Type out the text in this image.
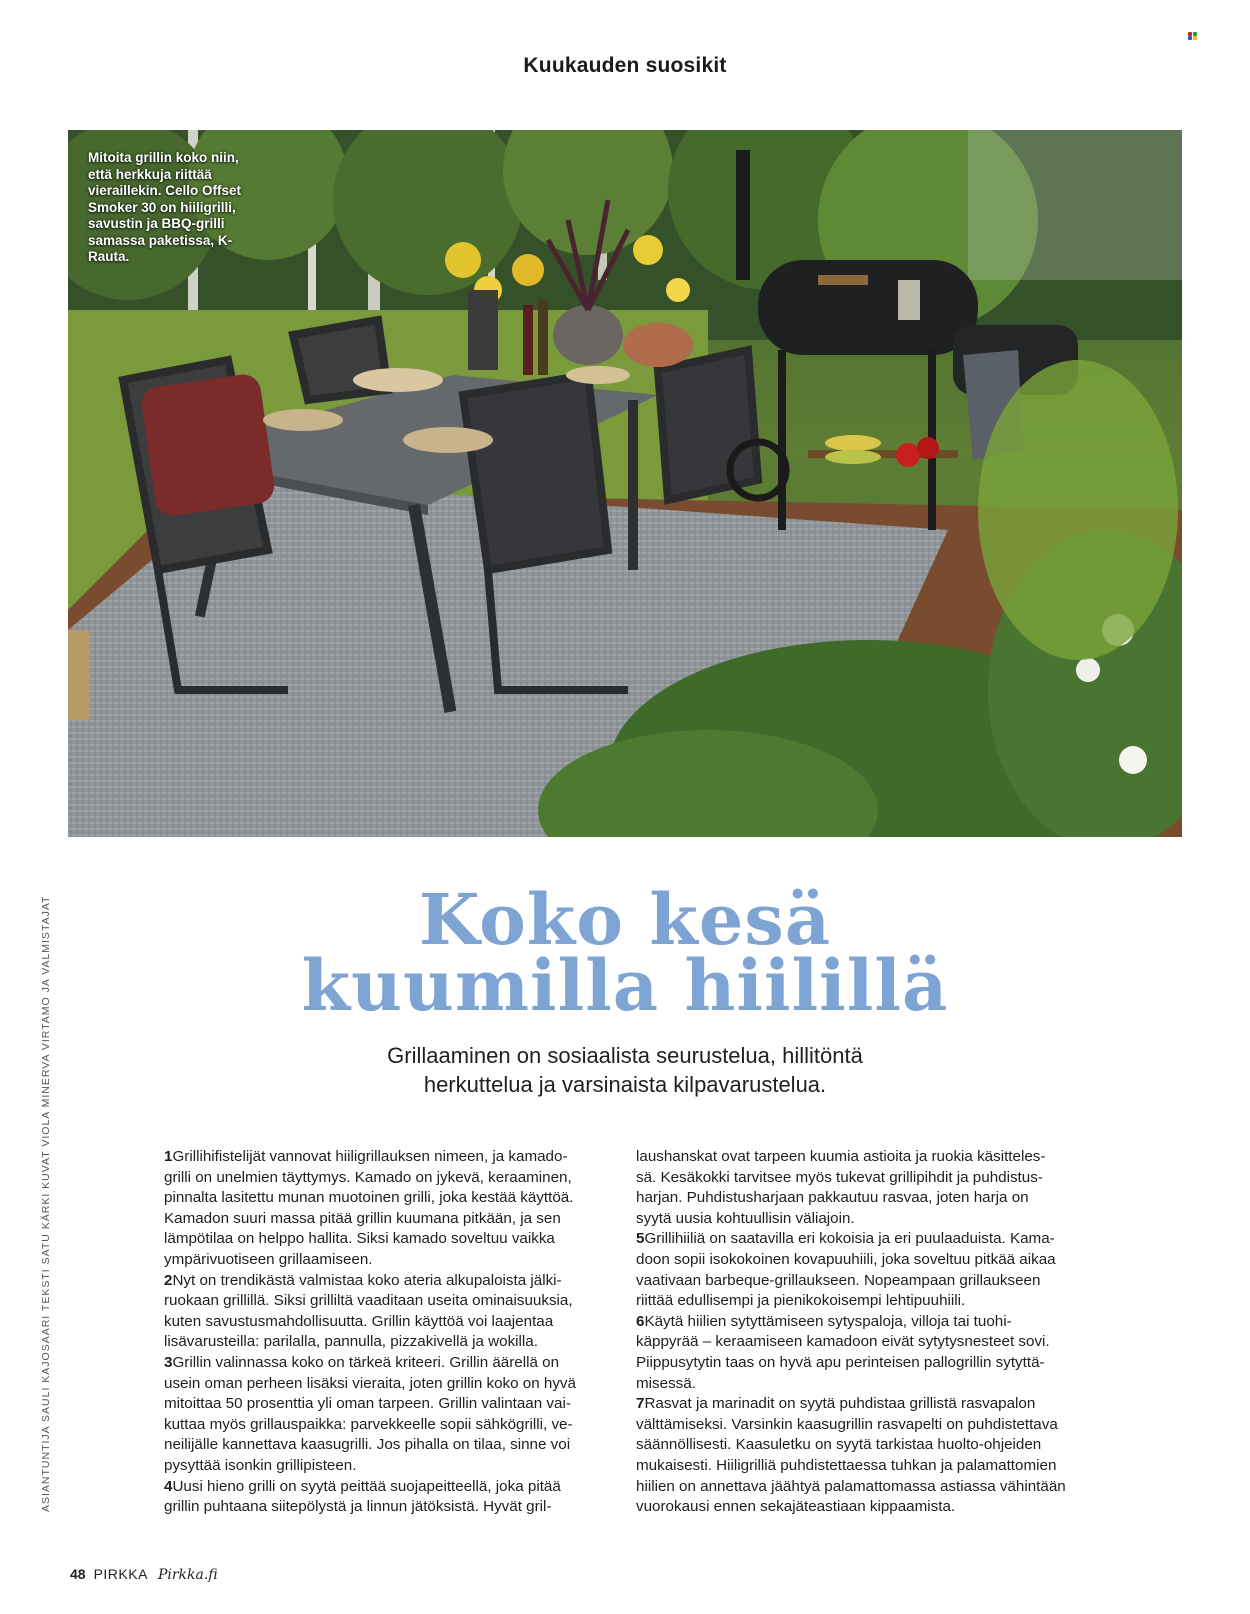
Kuukauden suosikit
Mitoita grillin koko niin, että herkkuja riittää vieraillekin. Cello Offset Smoker 30 on hiiligrilli, savustin ja BBQ-grilli samassa paketissa, K-Rauta.
Koko kesä
kuumilla hiilillä
Grillaaminen on sosiaalista seurustelua, hillitöntä
herkuttelua ja varsinaista kilpavarustelua.
ASIANTUNTIJA SAULI KAJOSAARI TEKSTI SATU KÄRKI KUVAT VIOLA MINERVA VIRTAMO JA VALMISTAJAT	1Grillihifistelijät vannovat hiiligrillauksen nimeen, ja kamado-

grilli on unelmien täyttymys. Kamado on jykevä, keraaminen,

pinnalta lasitettu munan muotoinen grilli, joka kestää käyttöä.

Kamadon suuri massa pitää grillin kuumana pitkään, ja sen

lämpötilaa on helppo hallita. Siksi kamado soveltuu vaikka

ympärivuotiseen grillaamiseen.

2Nyt on trendikästä valmistaa koko ateria alkupaloista jälki-

ruokaan grillillä. Siksi grilliltä vaaditaan useita ominaisuuksia,

kuten savustusmahdollisuutta. Grillin käyttöä voi laajentaa

lisävarusteilla: parilalla, pannulla, pizzakivellä ja wokilla.

3Grillin valinnassa koko on tärkeä kriteeri. Grillin äärellä on

usein oman perheen lisäksi vieraita, joten grillin koko on hyvä

mitoittaa 50 prosenttia yli oman tarpeen. Grillin valintaan vai-

kuttaa myös grillauspaikka: parvekkeelle sopii sähkögrilli, ve-

neilijälle kannettava kaasugrilli. Jos pihalla on tilaa, sinne voi

pysyttää isonkin grillipisteen.

4Uusi hieno grilli on syytä peittää suojapeitteellä, joka pitää

grillin puhtaana siitepölystä ja linnun jätöksistä. Hyvät gril-

laushanskat ovat tarpeen kuumia astioita ja ruokia käsitteles-

sä. Kesäkokki tarvitsee myös tukevat grillipihdit ja puhdistus-

harjan. Puhdistusharjaan pakkautuu rasvaa, joten harja on

syytä uusia kohtuullisin väliajoin.

5Grillihiiliä on saatavilla eri kokoisia ja eri puulaaduista. Kama-

doon sopii isokokoinen kovapuuhiili, joka soveltuu pitkää aikaa

vaativaan barbeque-grillaukseen. Nopeampaan grillaukseen

riittää edullisempi ja pienikokoisempi lehtipuuhiili.

6Käytä hiilien sytyttämiseen sytyspaloja, villoja tai tuohi-

käppyrää – keraamiseen kamadoon eivät sytytysnesteet sovi.

Piippusytytin taas on hyvä apu perinteisen pallogrillin sytyttä-

misessä.

7Rasvat ja marinadit on syytä puhdistaa grillistä rasvapalon

välttämiseksi. Varsinkin kaasugrillin rasvapelti on puhdistettava

säännöllisesti. Kaasuletku on syytä tarkistaa huolto-ohjeiden

mukaisesti. Hiiligrilliä puhdistettaessa tuhkan ja palamattomien

hiilien on annettava jäähtyä palamattomassa astiassa vähintään

vuorokausi ennen sekajäteastiaan kippaamista.

48 PIRKKA Pirkka.fi
